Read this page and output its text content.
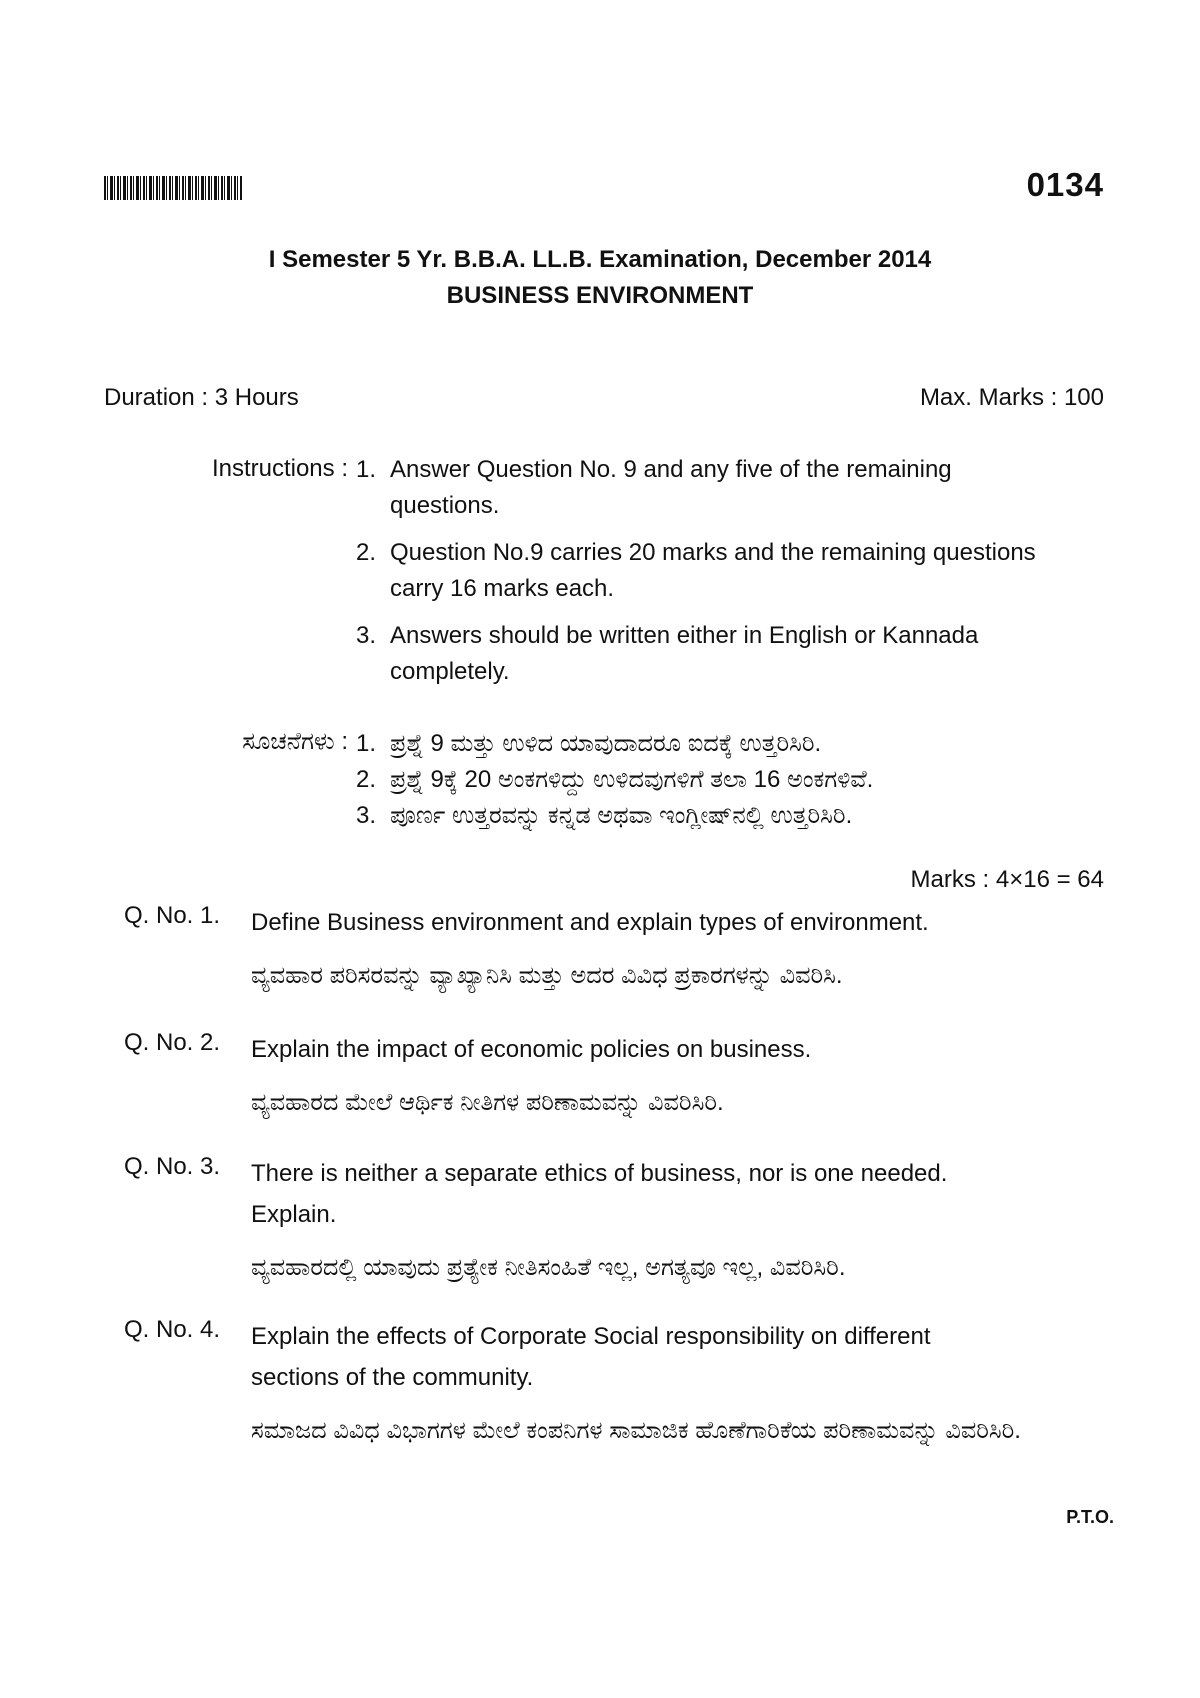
0134
I Semester 5 Yr. B.B.A. LL.B. Examination, December 2014
BUSINESS ENVIRONMENT
Duration : 3 Hours	Max. Marks : 100
Instructions : 1. Answer Question No. 9 and any five of the remaining questions.
2. Question No.9 carries 20 marks and the remaining questions carry 16 marks each.
3. Answers should be written either in English or Kannada completely.
ಸೂಚನೆಗಳು : 1. ಪ್ರಶ್ನೆ 9 ಮತ್ತು ಉಳಿದ ಯಾವುದಾದರೂ ಐದಕ್ಕೆ ಉತ್ತರಿಸಿರಿ.
2. ಪ್ರಶ್ನೆ 9ಕ್ಕೆ 20 ಅಂಕಗಳಿದ್ದು ಉಳಿದವುಗಳಿಗೆ ತಲಾ 16 ಅಂಕಗಳಿವೆ.
3. ಪೂರ್ಣ ಉತ್ತರವನ್ನು ಕನ್ನಡ ಅಥವಾ ಇಂಗ್ಲೀಷ್‌ನಲ್ಲಿ ಉತ್ತರಿಸಿರಿ.
Marks : 4×16 = 64
Q. No. 1.	Define Business environment and explain types of environment.
ವ್ಯವಹಾರ ಪರಿಸರವನ್ನು ವ್ಯಾಖ್ಯಾನಿಸಿ ಮತ್ತು ಅದರ ವಿವಿಧ ಪ್ರಕಾರಗಳನ್ನು ವಿವರಿಸಿ.
Q. No. 2.	Explain the impact of economic policies on business.
ವ್ಯವಹಾರದ ಮೇಲೆ ಆರ್ಥಿಕ ನೀತಿಗಳ ಪರಿಣಾಮವನ್ನು ವಿವರಿಸಿರಿ.
Q. No. 3.	There is neither a separate ethics of business, nor is one needed. Explain.
ವ್ಯವಹಾರದಲ್ಲಿ ಯಾವುದು ಪ್ರತ್ಯೇಕ ನೀತಿಸಂಹಿತೆ ಇಲ್ಲ, ಅಗತ್ಯವೂ ಇಲ್ಲ, ವಿವರಿಸಿರಿ.
Q. No. 4.	Explain the effects of Corporate Social responsibility on different sections of the community.
ಸಮಾಜದ ವಿವಿಧ ವಿಭಾಗಗಳ ಮೇಲೆ ಕಂಪನಿಗಳ ಸಾಮಾಜಿಕ ಹೊಣೆಗಾರಿಕೆಯ ಪರಿಣಾಮವನ್ನು ವಿವರಿಸಿರಿ.
P.T.O.
